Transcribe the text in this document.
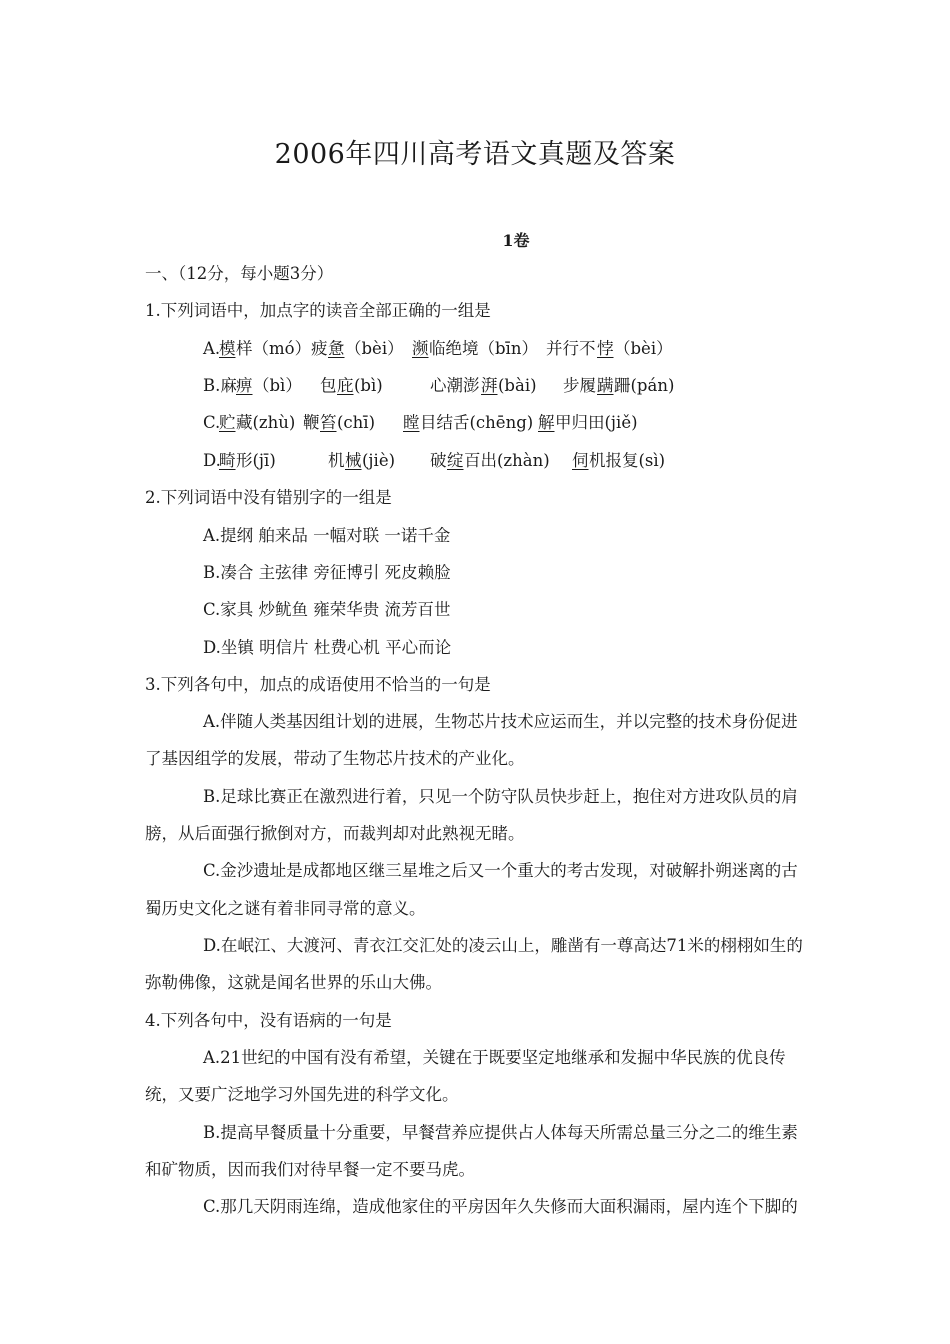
2006年四川高考语文真题及答案
1卷
一、（12分，每小题3分）
1.下列词语中，加点字的读音全部正确的一组是
A.
模 样（mó） 疲 惫 （bèi） 濒 临绝境（bīn） 并行不 悖 （bèi）
B.麻 痹 （bì） 包 庇 (bì)	心潮澎 湃 (bài) 步履 蹒 跚(pán)
C.
贮 藏(zhù) 鞭 笞 (chī) 瞠 目结舌(chēng) 解 甲归田(jiě)
D.
畸 形(jī)	机 械 (jiè) 破 绽 百出(zhàn) 伺 机报复(sì)
2.下列词语中没有错别字的一组是
A.提纲 舶来品 一幅对联 一诺千金
B.凑合 主弦律 旁征博引 死皮赖脸
C.家具 炒鱿鱼 雍荣华贵 流芳百世
D.坐镇 明信片 杜费心机 平心而论
3.下列各句中，加点的成语使用不恰当的一句是
A.伴随人类基因组计划的进展，生物芯片技术应运而生，并以完整的技术身份促进
了基因组学的发展，带动了生物芯片技术的产业化。
B.足球比赛正在激烈进行着，只见一个防守队员快步赶上，抱住对方进攻队员的肩
膀，从后面强行掀倒对方，而裁判却对此熟视无睹。
C.金沙遗址是成都地区继三星堆之后又一个重大的考古发现，对破解扑朔迷离的古
蜀历史文化之谜有着非同寻常的意义。
D.在岷江、大渡河、青衣江交汇处的凌云山上，雕凿有一尊高达71米的栩栩如生的
弥勒佛像，这就是闻名世界的乐山大佛。
4.下列各句中，没有语病的一句是
A.21世纪的中国有没有希望，关键在于既要坚定地继承和发掘中华民族的优良传
统，又要广泛地学习外国先进的科学文化。
B.提高早餐质量十分重要，早餐营养应提供占人体每天所需总量三分之二的维生素
和矿物质，因而我们对待早餐一定不要马虎。
C.那几天阴雨连绵，造成他家住的平房因年久失修而大面积漏雨，屋内连个下脚的
